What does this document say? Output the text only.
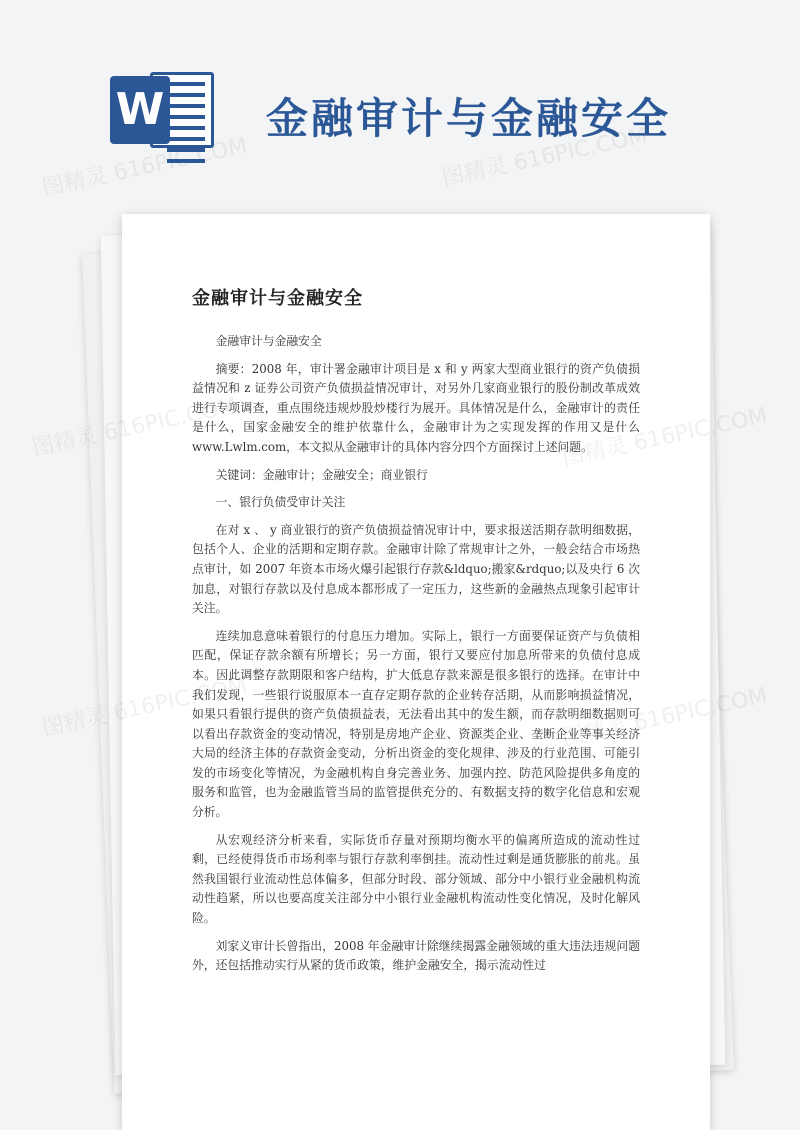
W 金融审计与金融安全
金融审计与金融安全

金融审计与金融安全

摘要：2008 年，审计署金融审计项目是 x 和 y 两家大型商业银行的资产负债损益情况和 z 证券公司资产负债损益情况审计，对另外几家商业银行的股份制改革成效进行专项调查，重点围绕违规炒股炒楼行为展开。具体情况是什么，金融审计的责任是什么，国家金融安全的维护依靠什么，金融审计为之实现发挥的作用又是什么 www.Lwlm.com，本文拟从金融审计的具体内容分四个方面探讨上述问题。

关键词：金融审计；金融安全；商业银行

一、银行负债受审计关注

在对 x 、 y 商业银行的资产负债损益情况审计中，要求报送活期存款明细数据，包括个人、企业的活期和定期存款。金融审计除了常规审计之外，一般会结合市场热点审计，如 2007 年资本市场火爆引起银行存款&ldquo;搬家&rdquo;以及央行 6 次加息，对银行存款以及付息成本都形成了一定压力，这些新的金融热点现象引起审计关注。

连续加息意味着银行的付息压力增加。实际上，银行一方面要保证资产与负债相匹配，保证存款余额有所增长；另一方面，银行又要应付加息所带来的负债付息成本。因此调整存款期限和客户结构，扩大低息存款来源是很多银行的选择。在审计中我们发现，一些银行说服原本一直存定期存款的企业转存活期，从而影响损益情况，如果只看银行提供的资产负债损益表，无法看出其中的发生额，而存款明细数据则可以看出存款资金的变动情况，特别是房地产企业、资源类企业、垄断企业等事关经济大局的经济主体的存款资金变动，分析出资金的变化规律、涉及的行业范围、可能引发的市场变化等情况，为金融机构自身完善业务、加强内控、防范风险提供多角度的服务和监管，也为金融监管当局的监管提供充分的、有数据支持的数字化信息和宏观分析。

从宏观经济分析来看，实际货币存量对预期均衡水平的偏离所造成的流动性过剩，已经使得货币市场利率与银行存款利率倒挂。流动性过剩是通货膨胀的前兆。虽然我国银行业流动性总体偏多，但部分时段、部分领域、部分中小银行业金融机构流动性趋紧，所以也要高度关注部分中小银行业金融机构流动性变化情况，及时化解风险。

刘家义审计长曾指出，2008 年金融审计除继续揭露金融领域的重大违法违规问题外，还包括推动实行从紧的货币政策，维护金融安全，揭示流动性过

图精灵 616PIC.COM
图精灵 616PIC.COM
图精灵
图精灵
